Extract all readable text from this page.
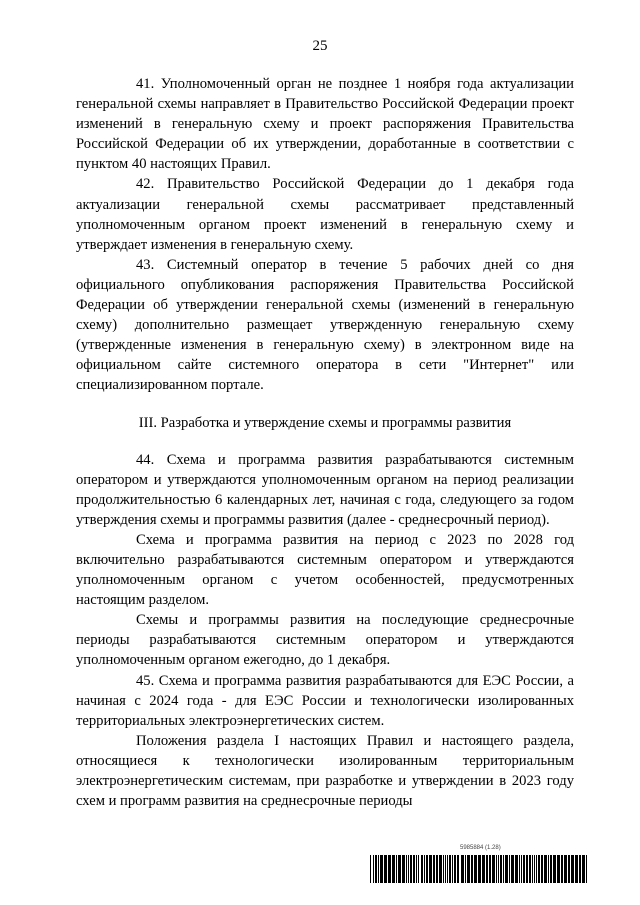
25

41. Уполномоченный орган не позднее 1 ноября года актуализации генеральной схемы направляет в Правительство Российской Федерации проект изменений в генеральную схему и проект распоряжения Правительства Российской Федерации об их утверждении, доработанные в соответствии с пунктом 40 настоящих Правил.

42. Правительство Российской Федерации до 1 декабря года актуализации генеральной схемы рассматривает представленный уполномоченным органом проект изменений в генеральную схему и утверждает изменения в генеральную схему.

43. Системный оператор в течение 5 рабочих дней со дня официального опубликования распоряжения Правительства Российской Федерации об утверждении генеральной схемы (изменений в генеральную схему) дополнительно размещает утвержденную генеральную схему (утвержденные изменения в генеральную схему) в электронном виде на официальном сайте системного оператора в сети "Интернет" или специализированном портале.

III. Разработка и утверждение схемы и программы развития

44. Схема и программа развития разрабатываются системным оператором и утверждаются уполномоченным органом на период реализации продолжительностью 6 календарных лет, начиная с года, следующего за годом утверждения схемы и программы развития (далее - среднесрочный период).

Схема и программа развития на период с 2023 по 2028 год включительно разрабатываются системным оператором и утверждаются уполномоченным органом с учетом особенностей, предусмотренных настоящим разделом.

Схемы и программы развития на последующие среднесрочные периоды разрабатываются системным оператором и утверждаются уполномоченным органом ежегодно, до 1 декабря.

45. Схема и программа развития разрабатываются для ЕЭС России, а начиная с 2024 года - для ЕЭС России и технологически изолированных территориальных электроэнергетических систем.

Положения раздела I настоящих Правил и настоящего раздела, относящиеся к технологически изолированным территориальным электроэнергетическим системам, при разработке и утверждении в 2023 году схем и программ развития на среднесрочные периоды

5985884 (1.28)
